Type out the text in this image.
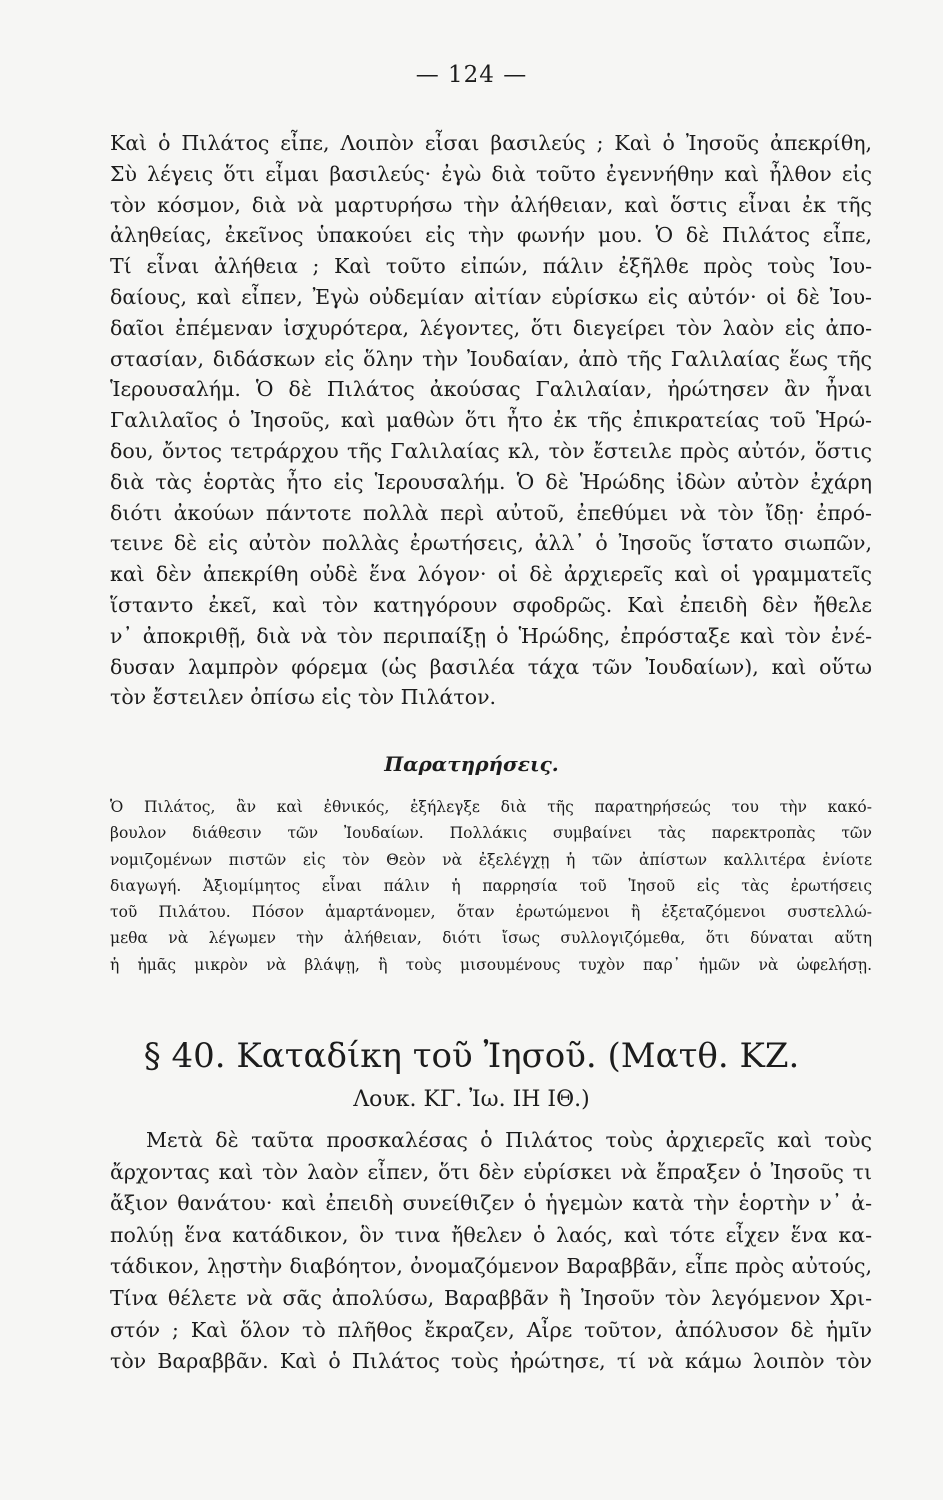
— 124 —
Καὶ ὁ Πιλάτος εἶπε, Λοιπὸν εἶσαι βασιλεύς ; Καὶ ὁ Ἰησοῦς ἀπεκρίθη,
Σὺ λέγεις ὅτι εἶμαι βασιλεύς· ἐγὼ διὰ τοῦτο ἐγεννήθην καὶ ἦλθον εἰς
τὸν κόσμον, διὰ νὰ μαρτυρήσω τὴν ἀλήθειαν, καὶ ὅστις εἶναι ἐκ τῆς
ἀληθείας, ἐκεῖνος ὑπακούει εἰς τὴν φωνήν μου. Ὁ δὲ Πιλάτος εἶπε,
Τί εἶναι ἀλήθεια ; Καὶ τοῦτο εἰπών, πάλιν ἐξῆλθε πρὸς τοὺς Ἰου-
δαίους, καὶ εἶπεν, Ἐγὼ οὐδεμίαν αἰτίαν εὑρίσκω εἰς αὐτόν· οἱ δὲ Ἰου-
δαῖοι ἐπέμεναν ἰσχυρότερα, λέγοντες, ὅτι διεγείρει τὸν λαὸν εἰς ἀπο-
στασίαν, διδάσκων εἰς ὅλην τὴν Ἰουδαίαν, ἀπὸ τῆς Γαλιλαίας ἕως τῆς
Ἱερουσαλήμ. Ὁ δὲ Πιλάτος ἀκούσας Γαλιλαίαν, ἠρώτησεν ἂν ἦναι
Γαλιλαῖος ὁ Ἰησοῦς, καὶ μαθὼν ὅτι ἦτο ἐκ τῆς ἐπικρατείας τοῦ Ἡρώ-
δου, ὄντος τετράρχου τῆς Γαλιλαίας κλ, τὸν ἔστειλε πρὸς αὐτόν, ὅστις
διὰ τὰς ἑορτὰς ἦτο εἰς Ἱερουσαλήμ. Ὁ δὲ Ἡρώδης ἰδὼν αὐτὸν ἐχάρη
διότι ἀκούων πάντοτε πολλὰ περὶ αὐτοῦ, ἐπεθύμει νὰ τὸν ἴδῃ· ἐπρό-
τεινε δὲ εἰς αὐτὸν πολλὰς ἐρωτήσεις, ἀλλ᾽ ὁ Ἰησοῦς ἵστατο σιωπῶν,
καὶ δὲν ἀπεκρίθη οὐδὲ ἕνα λόγον· οἱ δὲ ἀρχιερεῖς καὶ οἱ γραμματεῖς
ἵσταντο ἐκεῖ, καὶ τὸν κατηγόρουν σφοδρῶς. Καὶ ἐπειδὴ δὲν ἤθελε
ν᾽ ἀποκριθῇ, διὰ νὰ τὸν περιπαίξῃ ὁ Ἡρώδης, ἐπρόσταξε καὶ τὸν ἐνέ-
δυσαν λαμπρὸν φόρεμα (ὡς βασιλέα τάχα τῶν Ἰουδαίων), καὶ οὕτω
τὸν ἔστειλεν ὀπίσω εἰς τὸν Πιλάτον.
Παρατηρήσεις.
Ὁ Πιλάτος, ἂν καὶ ἐθνικός, ἐξήλεγξε διὰ τῆς παρατηρήσεώς του τὴν κακό-
βουλον διάθεσιν τῶν Ἰουδαίων. Πολλάκις συμβαίνει τὰς παρεκτροπὰς τῶν
νομιζομένων πιστῶν εἰς τὸν Θεὸν νὰ ἐξελέγχῃ ἡ τῶν ἀπίστων καλλιτέρα ἐνίοτε
διαγωγή. Ἀξιομίμητος εἶναι πάλιν ἡ παρρησία τοῦ Ἰησοῦ εἰς τὰς ἐρωτήσεις
τοῦ Πιλάτου. Πόσον ἁμαρτάνομεν, ὅταν ἐρωτώμενοι ἢ ἐξεταζόμενοι συστελλώ-
μεθα νὰ λέγωμεν τὴν ἀλήθειαν, διότι ἴσως συλλογιζόμεθα, ὅτι δύναται αὕτη
ἡ ἡμᾶς μικρὸν νὰ βλάψῃ, ἢ τοὺς μισουμένους τυχὸν παρ᾽ ἡμῶν νὰ ὠφελήσῃ.
§ 40. Καταδίκη τοῦ Ἰησοῦ. (Ματθ. ΚΖ.
Λουκ. ΚΓ. Ἰω. ΙΗ ΙΘ.)
Μετὰ δὲ ταῦτα προσκαλέσας ὁ Πιλάτος τοὺς ἀρχιερεῖς καὶ τοὺς
ἄρχοντας καὶ τὸν λαὸν εἶπεν, ὅτι δὲν εὑρίσκει νὰ ἔπραξεν ὁ Ἰησοῦς τι
ἄξιον θανάτου· καὶ ἐπειδὴ συνείθιζεν ὁ ἡγεμὼν κατὰ τὴν ἑορτὴν ν᾽ ἀ-
πολύῃ ἕνα κατάδικον, ὃν τινα ἤθελεν ὁ λαός, καὶ τότε εἶχεν ἕνα κα-
τάδικον, λῃστὴν διαβόητον, ὀνομαζόμενον Βαραββᾶν, εἶπε πρὸς αὐτούς,
Τίνα θέλετε νὰ σᾶς ἀπολύσω, Βαραββᾶν ἢ Ἰησοῦν τὸν λεγόμενον Χρι-
στόν ; Καὶ ὅλον τὸ πλῆθος ἔκραζεν, Αἶρε τοῦτον, ἀπόλυσον δὲ ἡμῖν
τὸν Βαραββᾶν. Καὶ ὁ Πιλάτος τοὺς ἠρώτησε, τί νὰ κάμω λοιπὸν τὸν
